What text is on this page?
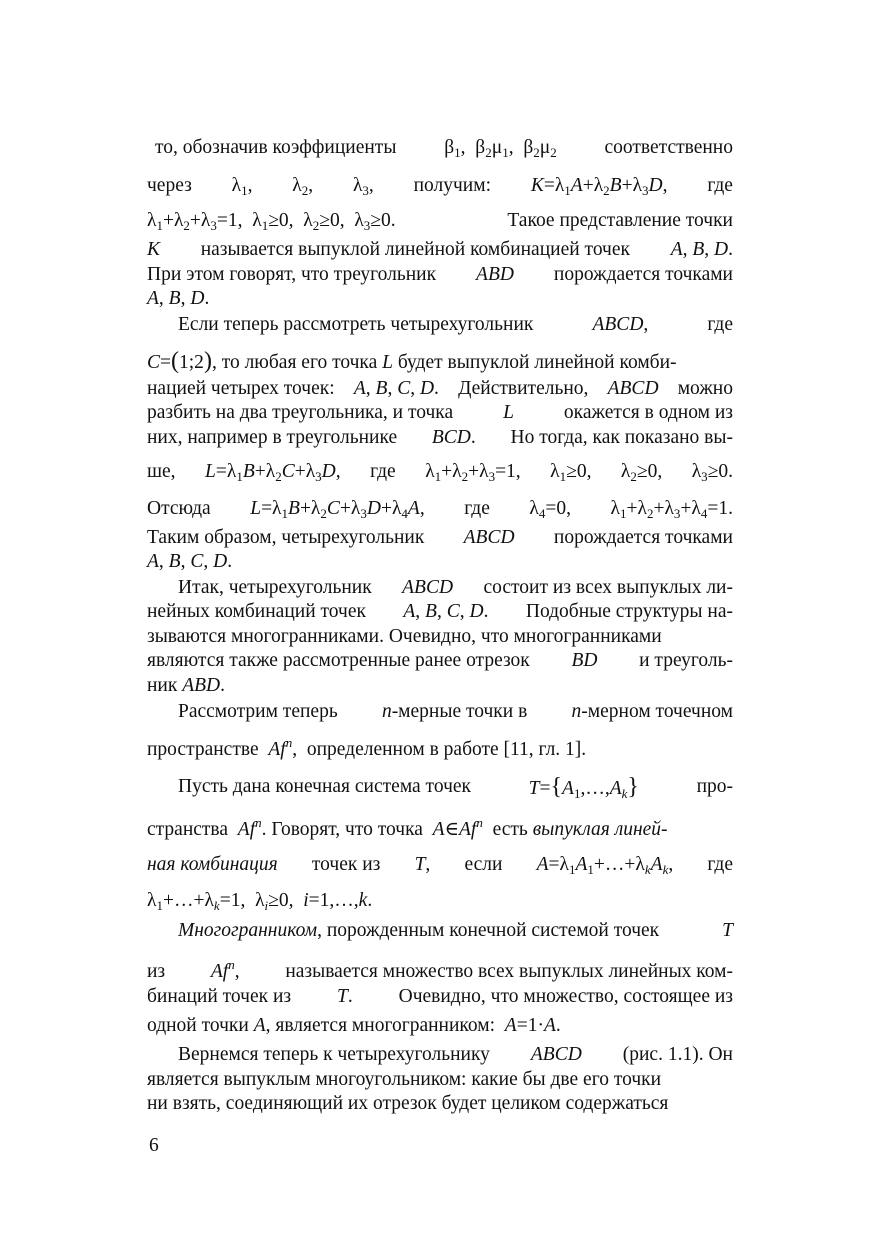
то, обозначив коэффициенты $\beta_1$,  $\beta_2\mu_1$,  $\beta_2\mu_2$ соответственно
через $\lambda_1$, $\lambda_2$, $\lambda_3$, получим: $K=\lambda_1A+\lambda_2B+\lambda_3D$, где
$\lambda_1+\lambda_2+\lambda_3=1$,  $\lambda_1\ge 0$,  $\lambda_2\ge 0$,  $\lambda_3\ge 0$.	Такое представление точки
K называется выпуклой линейной комбинацией точек A, B, D.
При этом говорят, что треугольник ABD порождается точками
A, B, D.
Если теперь рассмотреть четырехугольник	ABCD,	где
C=(1;2), то любая его точка L будет выпуклой линейной комби-
нацией четырех точек: A, B, C, D. Действительно, ABCD можно
разбить на два треугольника, и точка	L	окажется в одном из
них, например в треугольнике BCD. Но тогда, как показано вы-
ше, $L=\lambda_1B+\lambda_2C+\lambda_3D$, где $\lambda_1+\lambda_2+\lambda_3=1$, $\lambda_1\ge 0$, $\lambda_2\ge 0$, $\lambda_3\ge 0$.
Отсюда $L=\lambda_1B+\lambda_2C+\lambda_3D+\lambda_4A$, где $\lambda_4=0$, $\lambda_1+\lambda_2+\lambda_3+\lambda_4=1$.
Таким образом, четырехугольник ABCD порождается точками
A, B, C, D.
Итак, четырехугольник ABCD состоит из всех выпуклых ли-
нейных комбинаций точек A, B, C, D. Подобные структуры на-
зываются многогранниками. Очевидно, что многогранниками
являются также рассмотренные ранее отрезок BD и треуголь-
ник ABD.
Рассмотрим теперь n-мерные точки в n-мерном точечном
пространстве Af$^n$,  определенном в работе [11, гл. 1].
Пусть дана конечная система точек	$T=\{A_1,\dots,A_k\}$	про-
странства Af$^n$. Говорят, что точка A∈Af$^n$ есть выпуклая линей-
ная комбинация точек из T, если $A=\lambda_1A_1+\dots+\lambda_kA_k$, где
$\lambda_1+\dots+\lambda_k=1$,  $\lambda_i\ge 0$,  i=1,…,k.
Многогранником, порожденным конечной системой точек	T
из Af$^n$, называется множество всех выпуклых линейных ком-
бинаций точек из T. Очевидно, что множество, состоящее из
одной точки A, является многогранником: A=1·A.
Вернемся теперь к четырехугольнику ABCD (рис. 1.1). Он
является выпуклым многоугольником: какие бы две его точки
ни взять, соединяющий их отрезок будет целиком содержаться
6
